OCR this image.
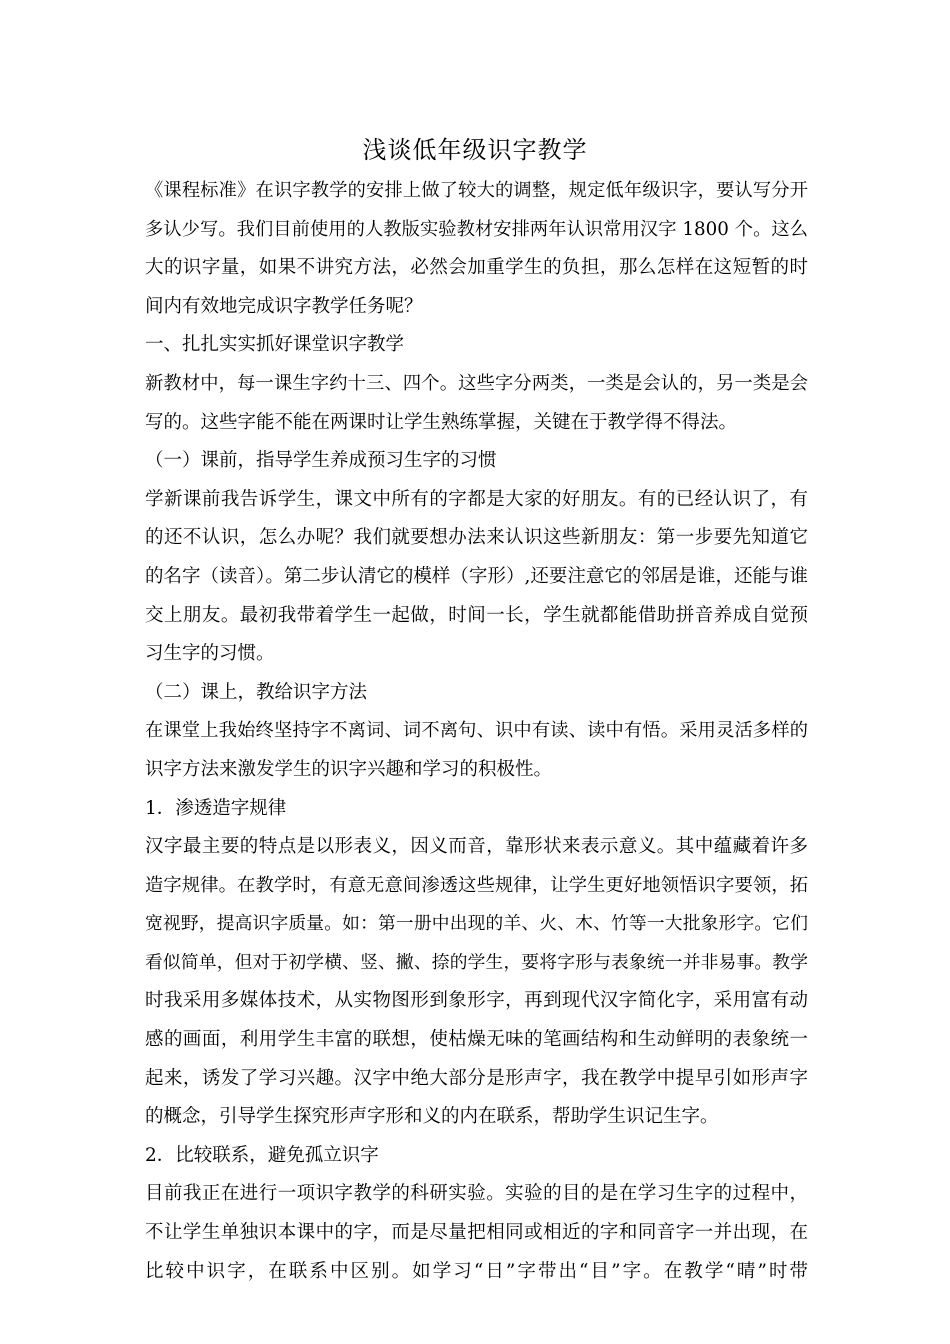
浅谈低年级识字教学
《课程标准》在识字教学的安排上做了较大的调整，规定低年级识字，要认写分开
多认少写。我们目前使用的人教版实验教材安排两年认识常用汉字 1800 个。这么
大的识字量，如果不讲究方法，必然会加重学生的负担，那么怎样在这短暂的时
间内有效地完成识字教学任务呢？
一、扎扎实实抓好课堂识字教学
新教材中，每一课生字约十三、四个。这些字分两类，一类是会认的，另一类是会
写的。这些字能不能在两课时让学生熟练掌握，关键在于教学得不得法。
（一）课前，指导学生养成预习生字的习惯
学新课前我告诉学生，课文中所有的字都是大家的好朋友。有的已经认识了，有
的还不认识，怎么办呢？我们就要想办法来认识这些新朋友：第一步要先知道它
的名字（读音）。第二步认清它的模样（字形）,还要注意它的邻居是谁，还能与谁
交上朋友。最初我带着学生一起做，时间一长，学生就都能借助拼音养成自觉预
习生字的习惯。
（二）课上，教给识字方法
在课堂上我始终坚持字不离词、词不离句、识中有读、读中有悟。采用灵活多样的
识字方法来激发学生的识字兴趣和学习的积极性。
1．渗透造字规律
汉字最主要的特点是以形表义，因义而音，靠形状来表示意义。其中蕴藏着许多
造字规律。在教学时，有意无意间渗透这些规律，让学生更好地领悟识字要领，拓
宽视野，提高识字质量。如：第一册中出现的羊、火、木、竹等一大批象形字。它们
看似简单，但对于初学横、竖、撇、捺的学生，要将字形与表象统一并非易事。教学
时我采用多媒体技术，从实物图形到象形字，再到现代汉字简化字，采用富有动
感的画面，利用学生丰富的联想，使枯燥无味的笔画结构和生动鲜明的表象统一
起来，诱发了学习兴趣。汉字中绝大部分是形声字，我在教学中提早引如形声字
的概念，引导学生探究形声字形和义的内在联系，帮助学生识记生字。
2．比较联系，避免孤立识字
目前我正在进行一项识字教学的科研实验。实验的目的是在学习生字的过程中，
不让学生单独识本课中的字，而是尽量把相同或相近的字和同音字一并出现，在
比较中识字，在联系中区别。如学习“日”字带出“目”字。在教学“晴”时带
